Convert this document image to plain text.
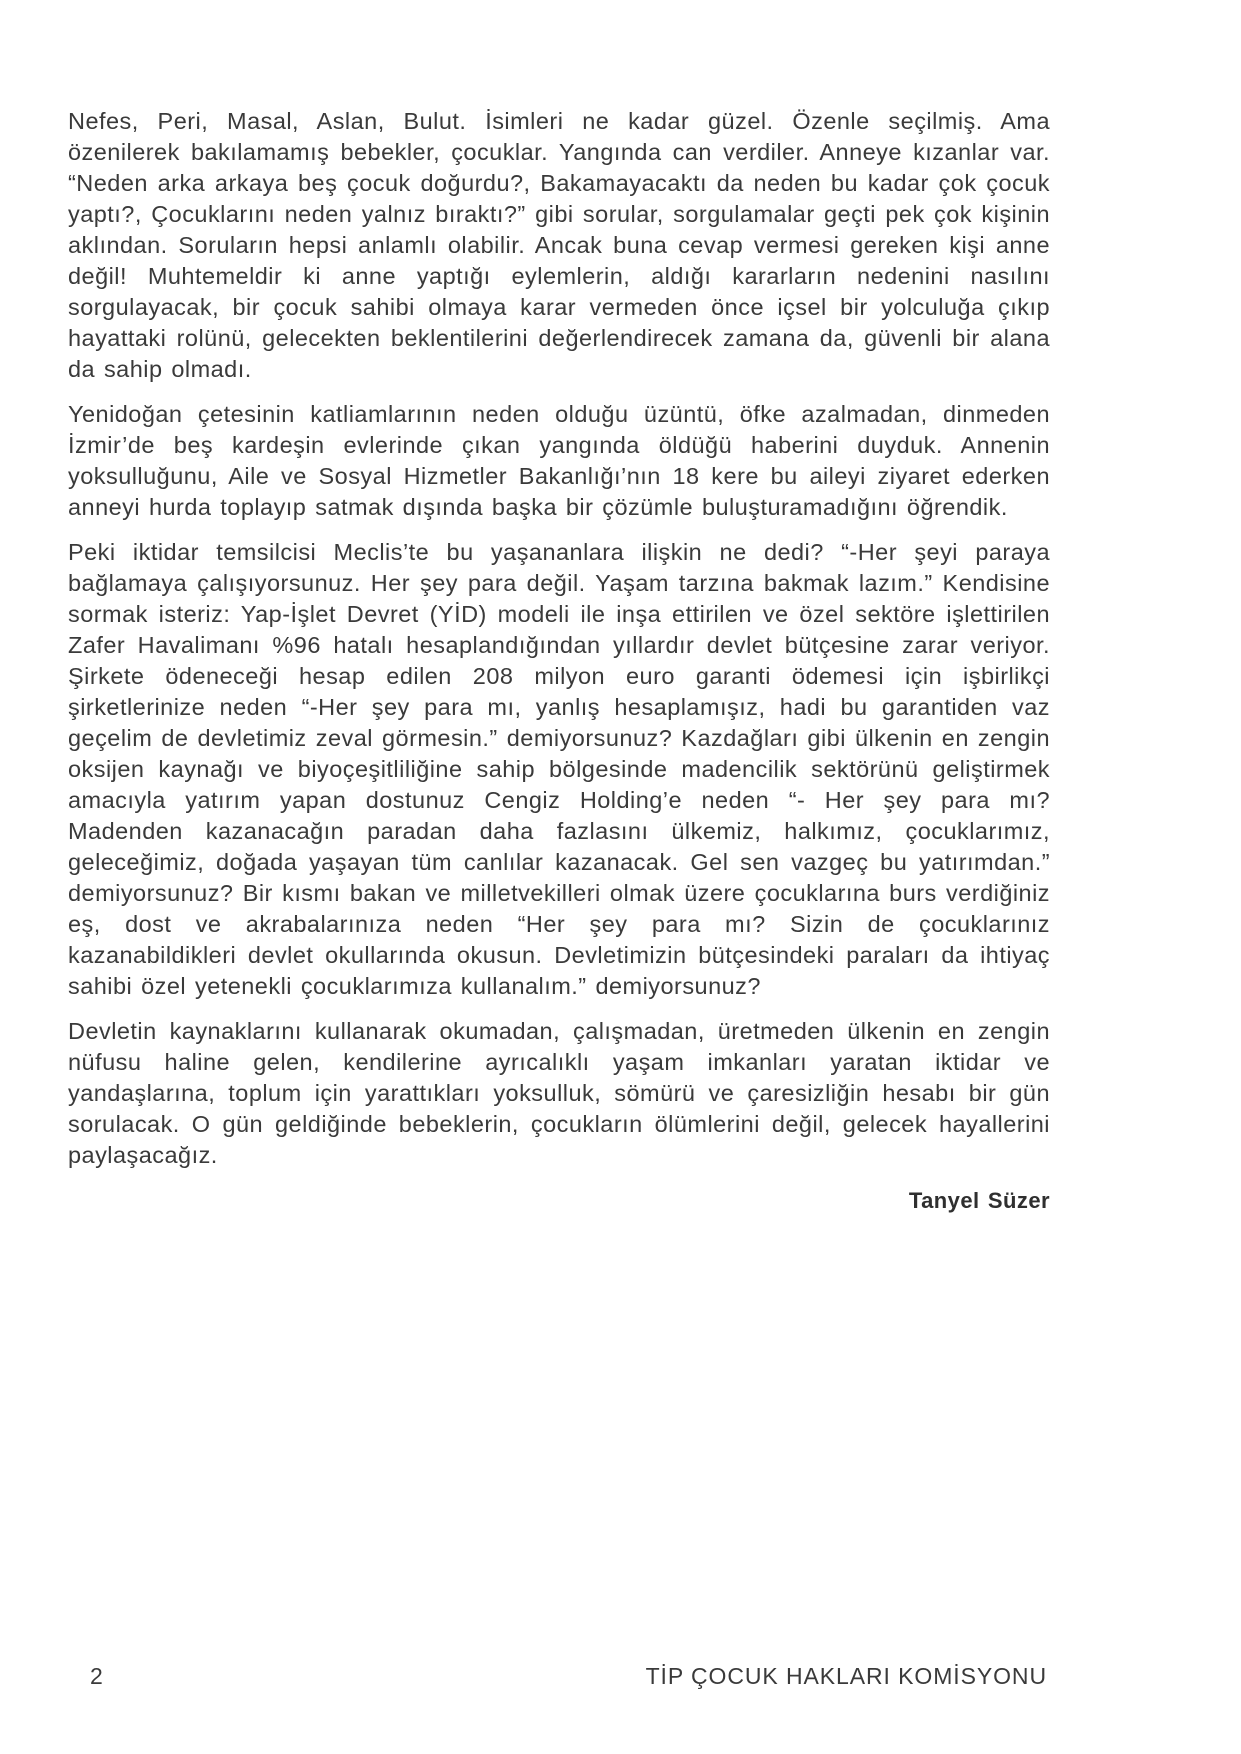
Nefes, Peri, Masal, Aslan, Bulut. İsimleri ne kadar güzel. Özenle seçilmiş. Ama özenilerek bakılamamış bebekler, çocuklar. Yangında can verdiler. Anneye kızanlar var. “Neden arka arkaya beş çocuk doğurdu?, Bakamayacaktı da neden bu kadar çok çocuk yaptı?, Çocuklarını neden yalnız bıraktı?” gibi sorular, sorgulamalar geçti pek çok kişinin aklından. Soruların hepsi anlamlı olabilir. Ancak buna cevap vermesi gereken kişi anne değil! Muhtemeldir ki anne yaptığı eylemlerin, aldığı kararların nedenini nasılını sorgulayacak, bir çocuk sahibi olmaya karar vermeden önce içsel bir yolculuğa çıkıp hayattaki rolünü, gelecekten beklentilerini değerlendirecek zamana da, güvenli bir alana da sahip olmadı.

Yenidoğan çetesinin katliamlarının neden olduğu üzüntü, öfke azalmadan, dinmeden İzmir’de beş kardeşin evlerinde çıkan yangında öldüğü haberini duyduk. Annenin yoksulluğunu, Aile ve Sosyal Hizmetler Bakanlığı’nın 18 kere bu aileyi ziyaret ederken anneyi hurda toplayıp satmak dışında başka bir çözümle buluşturamadığını öğrendik.

Peki iktidar temsilcisi Meclis’te bu yaşananlara ilişkin ne dedi? “-Her şeyi paraya bağlamaya çalışıyorsunuz. Her şey para değil. Yaşam tarzına bakmak lazım.” Kendisine sormak isteriz: Yap-İşlet Devret (YİD) modeli ile inşa ettirilen ve özel sektöre işlettirilen Zafer Havalimanı %96 hatalı hesaplandığından yıllardır devlet bütçesine zarar veriyor. Şirkete ödeneceği hesap edilen 208 milyon euro garanti ödemesi için işbirlikçi şirketlerinize neden “-Her şey para mı, yanlış hesaplamışız, hadi bu garantiden vaz geçelim de devletimiz zeval görmesin.” demiyorsunuz? Kazdağları gibi ülkenin en zengin oksijen kaynağı ve biyoçeşitliliğine sahip bölgesinde madencilik sektörünü geliştirmek amacıyla yatırım yapan dostunuz Cengiz Holding’e neden “- Her şey para mı? Madenden kazanacağın paradan daha fazlasını ülkemiz, halkımız, çocuklarımız, geleceğimiz, doğada yaşayan tüm canlılar kazanacak. Gel sen vazgeç bu yatırımdan.” demiyorsunuz? Bir kısmı bakan ve milletvekilleri olmak üzere çocuklarına burs verdiğiniz eş, dost ve akrabalarınıza neden “Her şey para mı? Sizin de çocuklarınız kazanabildikleri devlet okullarında okusun. Devletimizin bütçesindeki paraları da ihtiyaç sahibi özel yetenekli çocuklarımıza kullanalım.” demiyorsunuz?

Devletin kaynaklarını kullanarak okumadan, çalışmadan, üretmeden ülkenin en zengin nüfusu haline gelen, kendilerine ayrıcalıklı yaşam imkanları yaratan iktidar ve yandaşlarına, toplum için yarattıkları yoksulluk, sömürü ve çaresizliğin hesabı bir gün sorulacak. O gün geldiğinde bebeklerin, çocukların ölümlerini değil, gelecek hayallerini paylaşacağız.

Tanyel Süzer

2	TİP ÇOCUK HAKLARI KOMİSYONU
